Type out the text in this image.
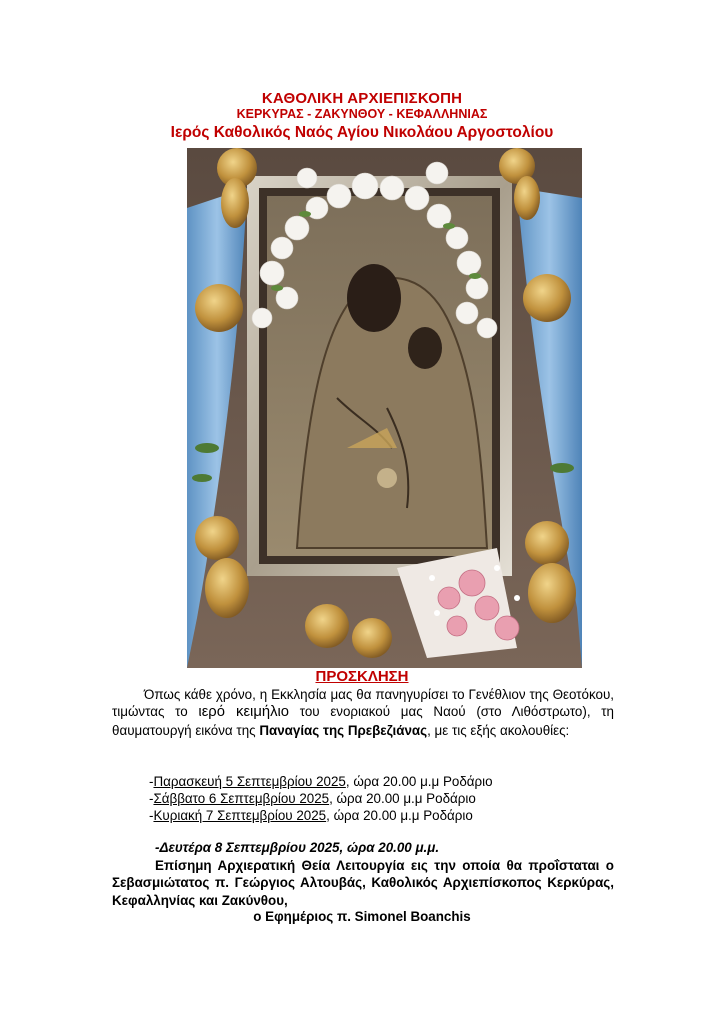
ΚΑΘΟΛΙΚΗ ΑΡΧΙΕΠΙΣΚΟΠΗ
ΚΕΡΚΥΡΑΣ - ΖΑΚΥΝΘΟΥ - ΚΕΦΑΛΛΗΝΙΑΣ
Ιερός Καθολικός Ναός Αγίου Νικολάου Αργοστολίου
ΠΡΟΣΚΛΗΣΗ
Όπως κάθε χρόνο, η Εκκλησία μας θα πανηγυρίσει το Γενέθλιον της Θεοτόκου, τιμώντας το ιερό κειμήλιο του ενοριακού μας Ναού (στο Λιθόστρωτο), τη θαυματουργή εικόνα της Παναγίας της Πρεβεζιάνας, με τις εξής ακολουθίες:
-Παρασκευή 5 Σεπτεμβρίου 2025, ώρα 20.00 μ.μ Ροδάριο
-Σάββατο 6 Σεπτεμβρίου 2025, ώρα 20.00 μ.μ Ροδάριο
-Κυριακή 7 Σεπτεμβρίου 2025, ώρα 20.00 μ.μ Ροδάριο
-Δευτέρα 8 Σεπτεμβρίου 2025, ώρα 20.00 μ.μ.
Επίσημη Αρχιερατική Θεία Λειτουργία εις την οποία θα προΐσταται ο Σεβασμιώτατος π. Γεώργιος Αλτουβάς, Καθολικός Αρχιεπίσκοπος Κερκύρας, Κεφαλληνίας και Ζακύνθου,
ο Εφημέριος π. Simonel Boanchis
